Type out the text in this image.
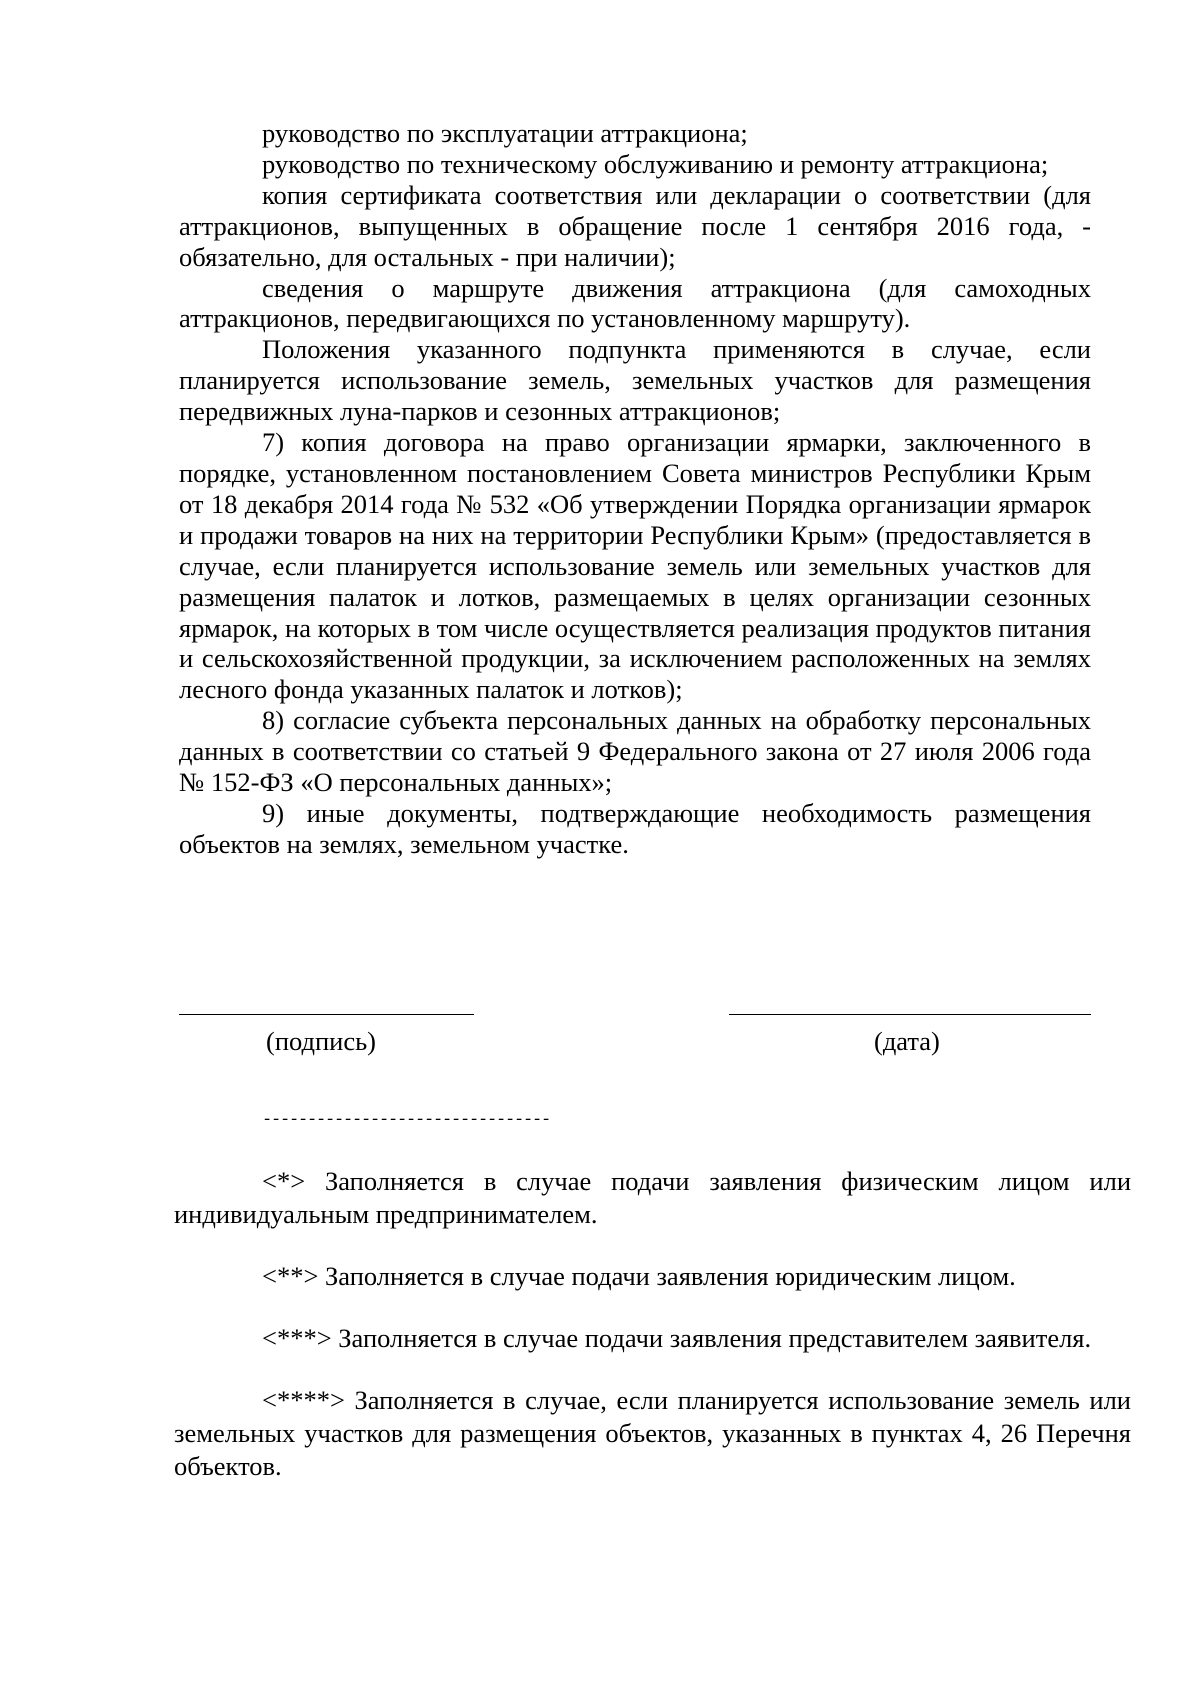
руководство по эксплуатации аттракциона;

руководство по техническому обслуживанию и ремонту аттракциона;

копия сертификата соответствия или декларации о соответствии (для аттракционов, выпущенных в обращение после 1 сентября 2016 года, - обязательно, для остальных - при наличии);

сведения о маршруте движения аттракциона (для самоходных аттракционов, передвигающихся по установленному маршруту).

Положения указанного подпункта применяются в случае, если планируется использование земель, земельных участков для размещения передвижных луна-парков и сезонных аттракционов;

7) копия договора на право организации ярмарки, заключенного в порядке, установленном постановлением Совета министров Республики Крым от 18 декабря 2014 года № 532 «Об утверждении Порядка организации ярмарок и продажи товаров на них на территории Республики Крым» (предоставляется в случае, если планируется использование земель или земельных участков для размещения палаток и лотков, размещаемых в целях организации сезонных ярмарок, на которых в том числе осуществляется реализация продуктов питания и сельскохозяйственной продукции, за исключением расположенных на землях лесного фонда указанных палаток и лотков);

8) согласие субъекта персональных данных на обработку персональных данных в соответствии со статьей 9 Федерального закона от 27 июля 2006 года № 152-ФЗ «О персональных данных»;

9) иные документы, подтверждающие необходимость размещения объектов на землях, земельном участке.

(подпись)	(дата)
--------------------------------

<*> Заполняется в случае подачи заявления физическим лицом или индивидуальным предпринимателем.

<**> Заполняется в случае подачи заявления юридическим лицом.

<***> Заполняется в случае подачи заявления представителем заявителя.

<****> Заполняется в случае, если планируется использование земель или земельных участков для размещения объектов, указанных в пунктах 4, 26 Перечня объектов.
